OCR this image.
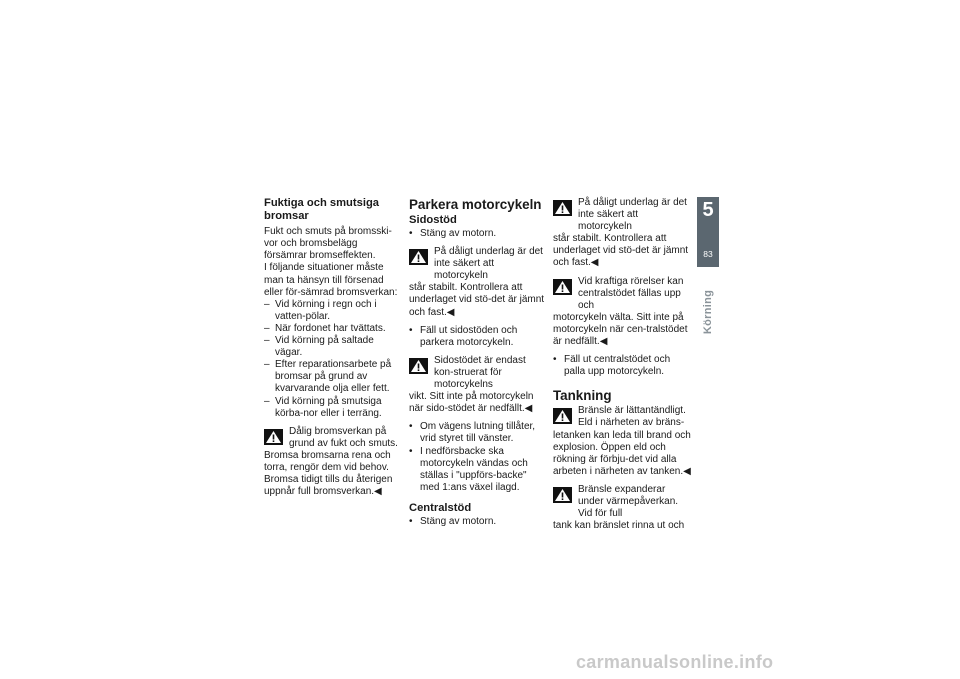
Fuktiga och smutsiga bromsar

Fukt och smuts på bromsski-vor och bromsbelägg försämrar bromseffekten.

I följande situationer måste man ta hänsyn till försenad eller för-sämrad bromsverkan:

– Vid körning i regn och i vatten-pölar.
– När fordonet har tvättats.
– Vid körning på saltade vägar.
– Efter reparationsarbete på bromsar på grund av kvarvarande olja eller fett.
– Vid körning på smutsiga körba-nor eller i terräng.

Dålig bromsverkan på grund av fukt och smuts.

Bromsa bromsarna rena och torra, rengör dem vid behov. Bromsa tidigt tills du återigen uppnår full bromsverkan.◀

Parkera motorcykeln
Sidostöd
• Stäng av motorn.

På dåligt underlag är det inte säkert att motorcykeln

står stabilt. Kontrollera att underlaget vid stö-det är jämnt och fast.◀

• Fäll ut sidostöden och parkera motorcykeln.

Sidostödet är endast kon-struerat för motorcykelns

vikt. Sitt inte på motorcykeln när sido-stödet är nedfällt.◀

• Om vägens lutning tillåter, vrid styret till vänster.
• I nedförsbacke ska motorcykeln vändas och ställas i "uppförs-backe" med 1:ans växel ilagd.
Centralstöd
• Stäng av motorn.

På dåligt underlag är det inte säkert att motorcykeln

står stabilt. Kontrollera att underlaget vid stö-det är jämnt och fast.◀

Vid kraftiga rörelser kan centralstödet fällas upp och

motorcykeln välta. Sitt inte på motorcykeln när cen-tralstödet är nedfällt.◀

• Fäll ut centralstödet och palla upp motorcykeln.
Tankning

Bränsle är lättantändligt. Eld i närheten av bräns-

letanken kan leda till brand och explosion. Öppen eld och rökning är förbju-det vid alla arbeten i närheten av tanken.◀

Bränsle expanderar under värmepåverkan. Vid för full

tank kan bränslet rinna ut och

5
83
Körning
carmanualsonline.info
